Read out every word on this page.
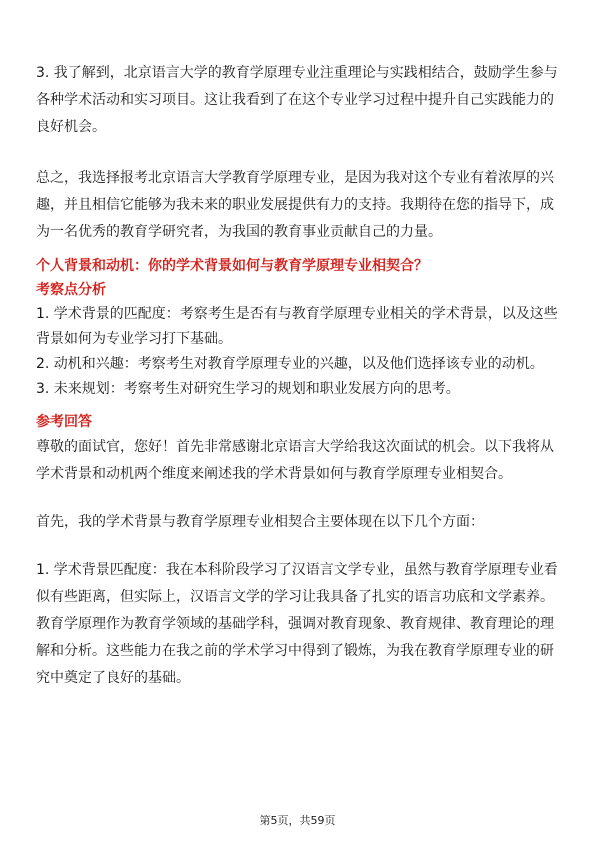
3. 我了解到，北京语言大学的教育学原理专业注重理论与实践相结合，鼓励学生参与各种学术活动和实习项目。这让我看到了在这个专业学习过程中提升自己实践能力的良好机会。

总之，我选择报考北京语言大学教育学原理专业，是因为我对这个专业有着浓厚的兴趣，并且相信它能够为我未来的职业发展提供有力的支持。我期待在您的指导下，成为一名优秀的教育学研究者，为我国的教育事业贡献自己的力量。

个人背景和动机：你的学术背景如何与教育学原理专业相契合？

考察点分析

1. 学术背景的匹配度：考察考生是否有与教育学原理专业相关的学术背景，以及这些背景如何为专业学习打下基础。

2. 动机和兴趣：考察考生对教育学原理专业的兴趣，以及他们选择该专业的动机。

3. 未来规划：考察考生对研究生学习的规划和职业发展方向的思考。

参考回答

尊敬的面试官，您好！首先非常感谢北京语言大学给我这次面试的机会。以下我将从学术背景和动机两个维度来阐述我的学术背景如何与教育学原理专业相契合。

首先，我的学术背景与教育学原理专业相契合主要体现在以下几个方面：

1. 学术背景匹配度：我在本科阶段学习了汉语言文学专业，虽然与教育学原理专业看似有些距离，但实际上，汉语言文学的学习让我具备了扎实的语言功底和文学素养。教育学原理作为教育学领域的基础学科，强调对教育现象、教育规律、教育理论的理解和分析。这些能力在我之前的学术学习中得到了锻炼，为我在教育学原理专业的研究中奠定了良好的基础。

第5页，共59页
